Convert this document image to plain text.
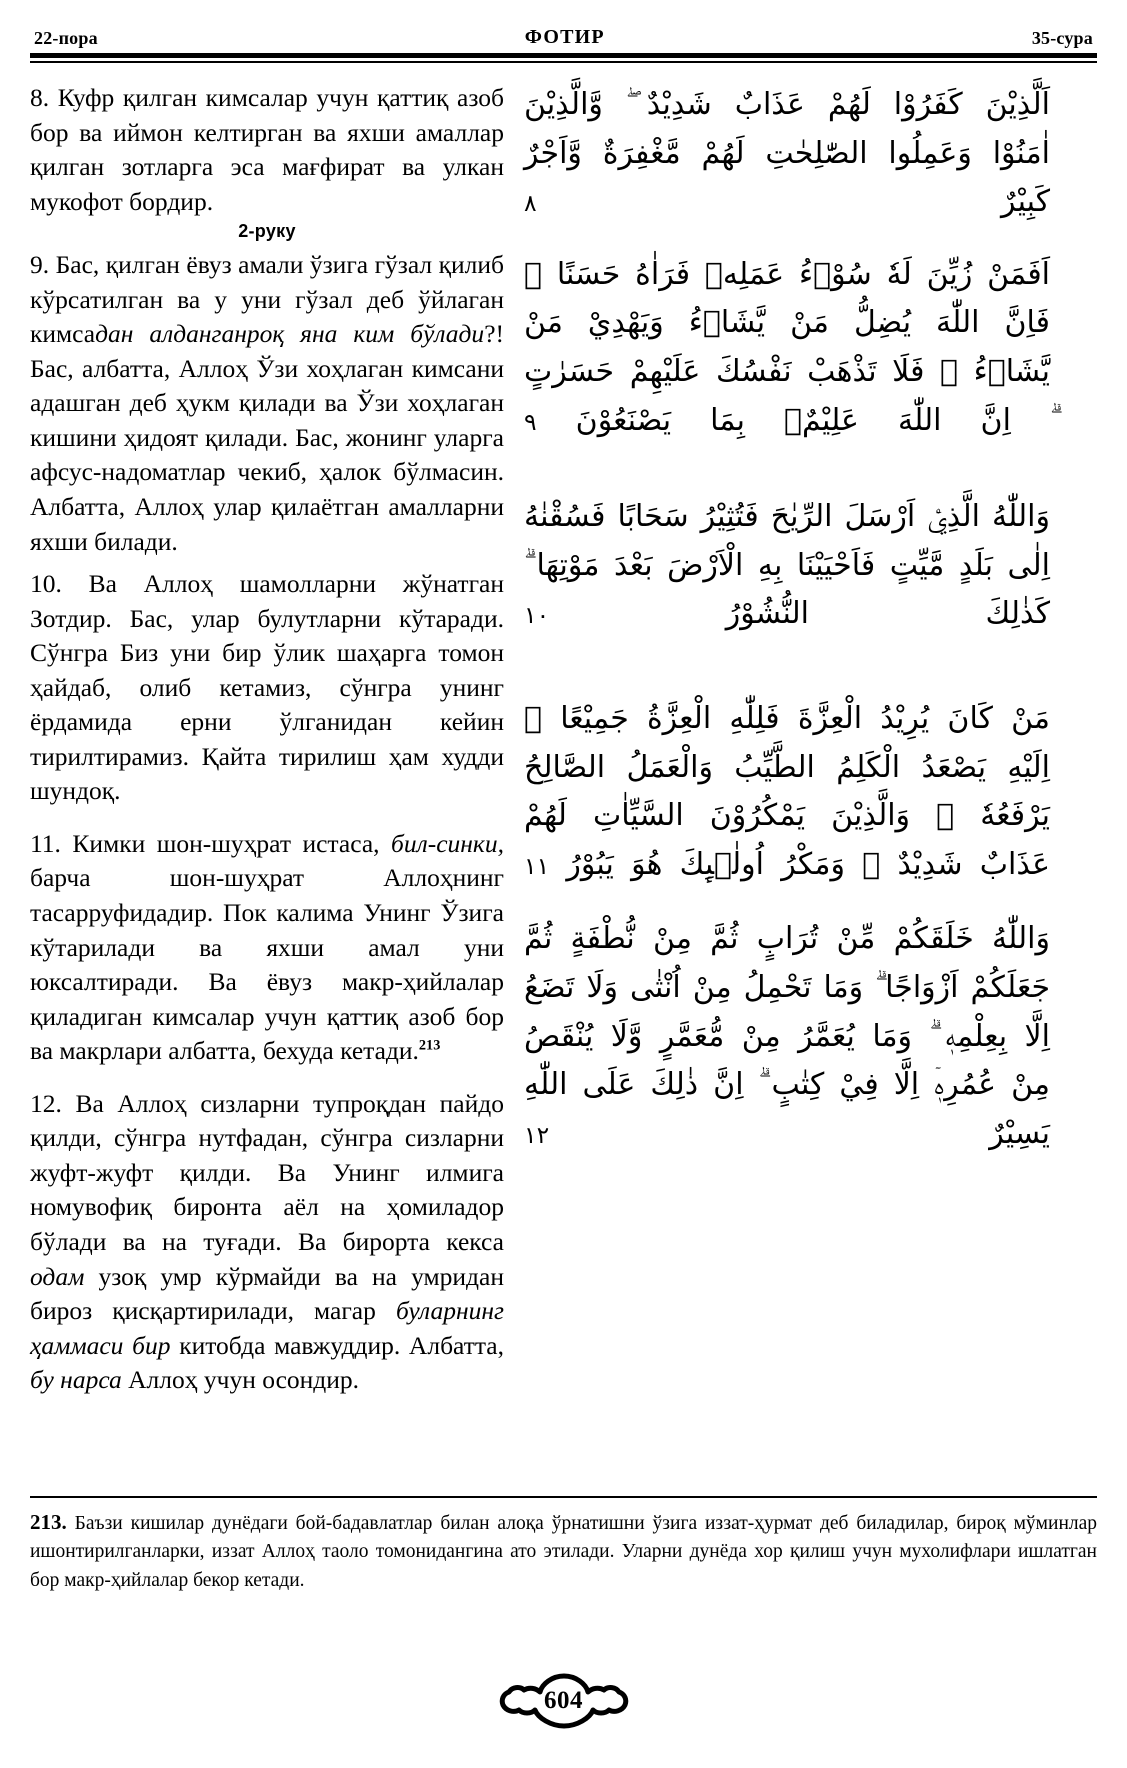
22-пора	ФОТИР	35-сура

8. Куфр қилган кимсалар учун қаттиқ азоб бор ва иймон келтирган ва яхши амаллар қилган зотларга эса мағфират ва улкан мукофот бордир.

2-руку

9. Бас, қилган ёвуз амали ўзига гўзал қилиб кўрсатилган ва у уни гўзал деб ўйлаган кимсадан алданганроқ яна ким бўлади?! Бас, албатта, Аллоҳ Ўзи хоҳлаган кимсани адашган деб ҳукм қилади ва Ўзи хоҳлаган кишини ҳидоят қилади. Бас, жонинг уларга афсус-надоматлар чекиб, ҳалок бўлмасин. Албатта, Аллоҳ улар қилаётган амалларни яхши билади.

10. Ва Аллоҳ шамолларни жўнатган Зотдир. Бас, улар булутларни кўтаради. Сўнгра Биз уни бир ўлик шаҳарга томон ҳайдаб, олиб кетамиз, сўнгра унинг ёрдамида ерни ўлганидан кейин тирилтирамиз. Қайта тирилиш ҳам худди шундоқ.

11. Кимки шон-шуҳрат истаса, бил-синки, барча шон-шуҳрат Аллоҳнинг тасарруфидадир. Пок калима Унинг Ўзига кўтарилади ва яхши амал уни юксалтиради. Ва ёвуз макр-ҳийлалар қиладиган кимсалар учун қаттиқ азоб бор ва макрлари албатта, бехуда кетади.$^{213}$

12. Ва Аллоҳ сизларни тупроқдан пайдо қилди, сўнгра нутфадан, сўнгра сизларни жуфт-жуфт қилди. Ва Унинг илмига номувофиқ биронта аёл на ҳомиладор бўлади ва на туғади. Ва бирорта кекса одам узоқ умр кўрмайди ва на умридан бироз қисқартирилади, магар буларнинг ҳаммаси бир китобда мавжуддир. Албатта, бу нарса Аллоҳ учун осондир.

اَلَّذِيْنَ كَفَرُوْا لَهُمْ عَذَابٌ شَدِيْدٌ ۖ وَّالَّذِيْنَ اٰمَنُوْا وَعَمِلُوا الصّٰلِحٰتِ لَهُمْ مَّغْفِرَةٌ وَّاَجْرٌ كَبِيْرٌ ٨

اَفَمَنْ زُيِّنَ لَهٗ سُوْۤءُ عَمَلِهٖ فَرَاٰهُ حَسَنًا ۗ فَاِنَّ اللّٰهَ يُضِلُّ مَنْ يَّشَاۤءُ وَيَهْدِيْ مَنْ يَّشَاۤءُ ۖ فَلَا تَذْهَبْ نَفْسُكَ عَلَيْهِمْ حَسَرٰتٍ ۗ اِنَّ اللّٰهَ عَلِيْمٌۢ بِمَا يَصْنَعُوْنَ ٩

وَاللّٰهُ الَّذِيْۤ اَرْسَلَ الرِّيٰحَ فَتُثِيْرُ سَحَابًا فَسُقْنٰهُ اِلٰى بَلَدٍ مَّيِّتٍ فَاَحْيَيْنَا بِهِ الْاَرْضَ بَعْدَ مَوْتِهَا ۗ كَذٰلِكَ النُّشُوْرُ ١٠

مَنْ كَانَ يُرِيْدُ الْعِزَّةَ فَلِلّٰهِ الْعِزَّةُ جَمِيْعًا ۗ اِلَيْهِ يَصْعَدُ الْكَلِمُ الطَّيِّبُ وَالْعَمَلُ الصَّالِحُ يَرْفَعُهٗ ۗ وَالَّذِيْنَ يَمْكُرُوْنَ السَّيِّاٰتِ لَهُمْ عَذَابٌ شَدِيْدٌ ۗ وَمَكْرُ اُولٰۤىِٕكَ هُوَ يَبُوْرُ ١١

وَاللّٰهُ خَلَقَكُمْ مِّنْ تُرَابٍ ثُمَّ مِنْ نُّطْفَةٍ ثُمَّ جَعَلَكُمْ اَزْوَاجًا ۗ وَمَا تَحْمِلُ مِنْ اُنْثٰى وَلَا تَضَعُ اِلَّا بِعِلْمِهٖ ۗ وَمَا يُعَمَّرُ مِنْ مُّعَمَّرٍ وَّلَا يُنْقَصُ مِنْ عُمُرِهٖۤ اِلَّا فِيْ كِتٰبٍ ۗ اِنَّ ذٰلِكَ عَلَى اللّٰهِ يَسِيْرٌ ١٢

213. Баъзи кишилар дунёдаги бой-бадавлатлар билан алоқа ўрнатишни ўзига иззат-ҳурмат деб биладилар, бироқ мўминлар ишонтирилганларки, иззат Аллоҳ таоло томонидангина ато этилади. Уларни дунёда хор қилиш учун мухолифлари ишлатган бор макр-ҳийлалар бекор кетади.

604
